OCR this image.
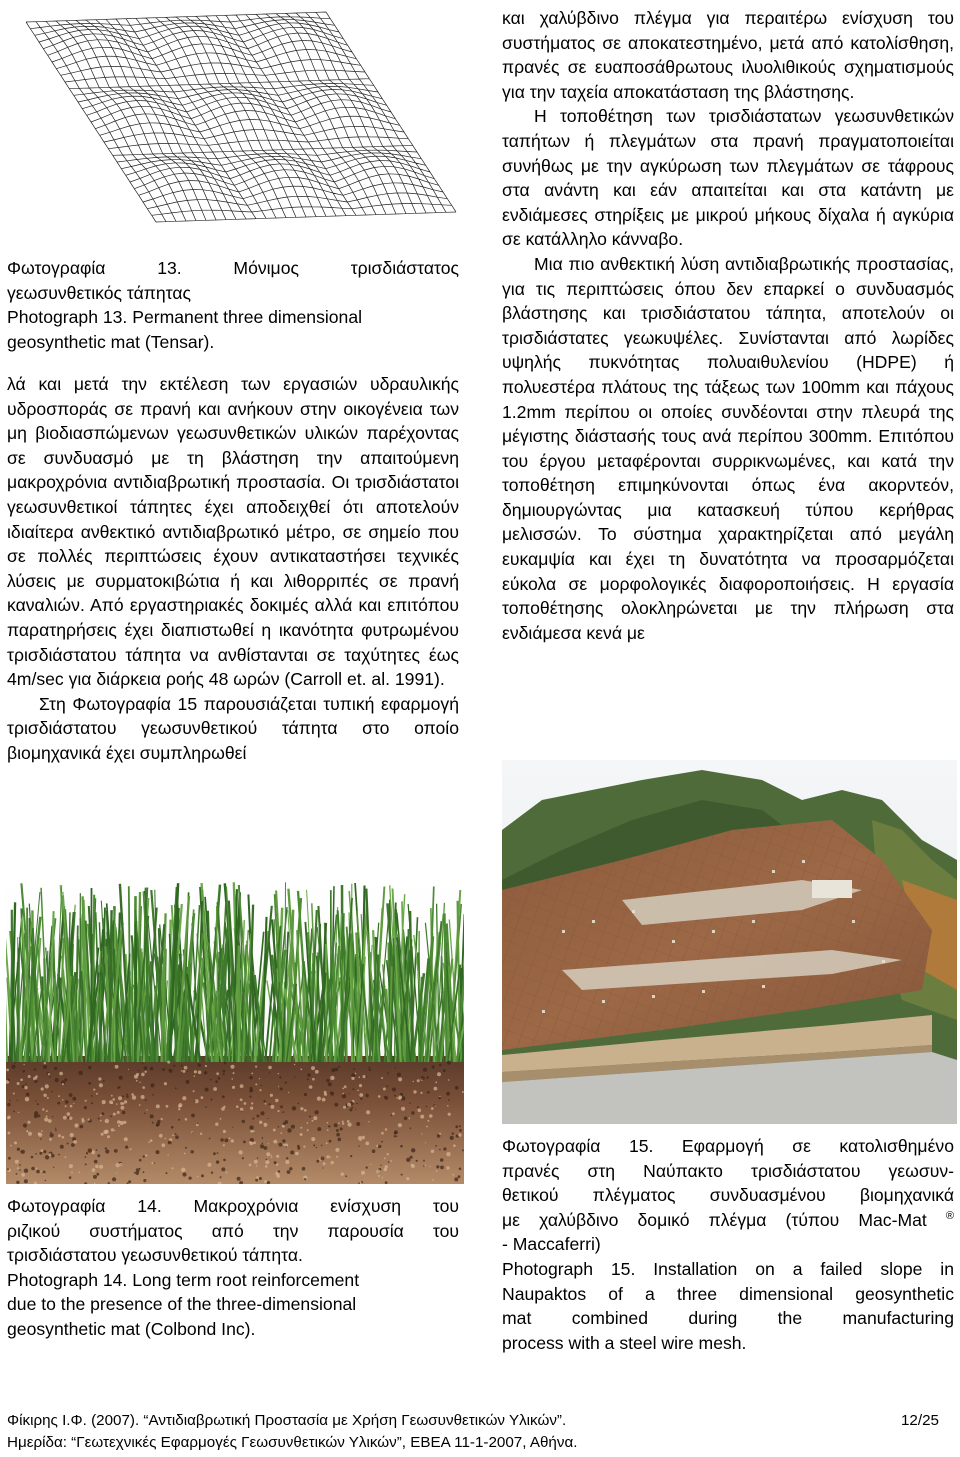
Φωτογραφία 13. Μόνιμος τρισδιάστατος
γεωσυνθετικός τάπητας
Photograph 13. Permanent three dimensional
geosynthetic mat (Tensar).

λά και μετά την εκτέλεση των εργασιών υδραυλικής υδροσποράς σε πρανή και ανήκουν στην οικογένεια των μη βιοδιασπώμενων γεωσυνθετικών υλικών παρέχοντας σε συνδυασμό με τη βλάστηση την απαιτούμενη μακροχρόνια αντιδιαβρωτική προστασία. Οι τρισδιάστατοι γεωσυνθετικοί τάπητες έχει αποδειχθεί ότι αποτελούν ιδιαίτερα ανθεκτικό αντιδιαβρωτικό μέτρο, σε σημείο που σε πολλές περιπτώσεις έχουν αντικαταστήσει τεχνικές λύσεις με συρματοκιβώτια ή και λιθορριπές σε πρανή καναλιών. Από εργαστηριακές δοκιμές αλλά και επιτόπου παρατηρήσεις έχει διαπιστωθεί η ικανότητα φυτρωμένου τρισδιάστατου τάπητα να ανθίστανται σε ταχύτητες έως 4m/sec για διάρκεια ροής 48 ωρών (Carroll et. al. 1991).

Στη Φωτογραφία 15 παρουσιάζεται τυπική εφαρμογή τρισδιάστατου γεωσυνθετικού τάπητα στο οποίο βιομηχανικά έχει συμπληρωθεί

και χαλύβδινο πλέγμα για περαιτέρω ενίσχυση του συστήματος σε αποκατεστημένο, μετά από κατολίσθηση, πρανές σε ευαποσάθρωτους ιλυολιθικούς σχηματισμούς για την ταχεία αποκατάσταση της βλάστησης.

Η τοποθέτηση των τρισδιάστατων γεωσυνθετικών ταπήτων ή πλεγμάτων στα πρανή πραγματοποιείται συνήθως με την αγκύρωση των πλεγμάτων σε τάφρους στα ανάντη και εάν απαιτείται και στα κατάντη με ενδιάμεσες στηρίξεις με μικρού μήκους δίχαλα ή αγκύρια σε κατάλληλο κάνναβο.

Μια πιο ανθεκτική λύση αντιδιαβρωτικής προστασίας, για τις περιπτώσεις όπου δεν επαρκεί ο συνδυασμός βλάστησης και τρισδιάστατου τάπητα, αποτελούν οι τρισδιάστατες γεωκυψέλες. Συνίστανται από λωρίδες υψηλής πυκνότητας πολυαιθυλενίου (HDPE) ή πολυεστέρα πλάτους της τάξεως των 100mm και πάχους 1.2mm περίπου οι οποίες συνδέονται στην πλευρά της μέγιστης διάστασής τους ανά περίπου 300mm. Επιτόπου του έργου μεταφέρονται συρρικνωμένες, και κατά την τοποθέτηση επιμηκύνονται όπως ένα ακορντεόν, δημιουργώντας μια κατασκευή τύπου κερήθρας μελισσών. Το σύστημα χαρακτηρίζεται από μεγάλη ευκαμψία και έχει τη δυνατότητα να προσαρμόζεται εύκολα σε μορφολογικές διαφοροποιήσεις. Η εργασία τοποθέτησης ολοκληρώνεται με την πλήρωση στα ενδιάμεσα κενά με

Φωτογραφία 14. Μακροχρόνια ενίσχυση του
ριζικού συστήματος από την παρουσία του
τρισδιάστατου γεωσυνθετικού τάπητα.
Photograph 14. Long term root reinforcement
due to the presence of the three-dimensional
geosynthetic mat (Colbond Inc).
Φωτογραφία 15. Εφαρμογή σε κατολισθημένο
πρανές στη Ναύπακτο τρισδιάστατου γεωσυν-
θετικού πλέγματος συνδυασμένου βιομηχανικά
με χαλύβδινο δομικό πλέγμα (τύπου Mac-Mat ®
- Maccaferri)
Photograph 15. Installation on a failed slope in
Naupaktos of a three dimensional geosynthetic
mat combined during the manufacturing
process with a steel wire mesh.
Φίκιρης Ι.Φ. (2007). “Αντιδιαβρωτική Προστασία με Χρήση Γεωσυνθετικών Υλικών”.	12/25
Ημερίδα: “Γεωτεχνικές Εφαρμογές Γεωσυνθετικών Υλικών”, ΕΒΕΑ 11-1-2007, Αθήνα.
